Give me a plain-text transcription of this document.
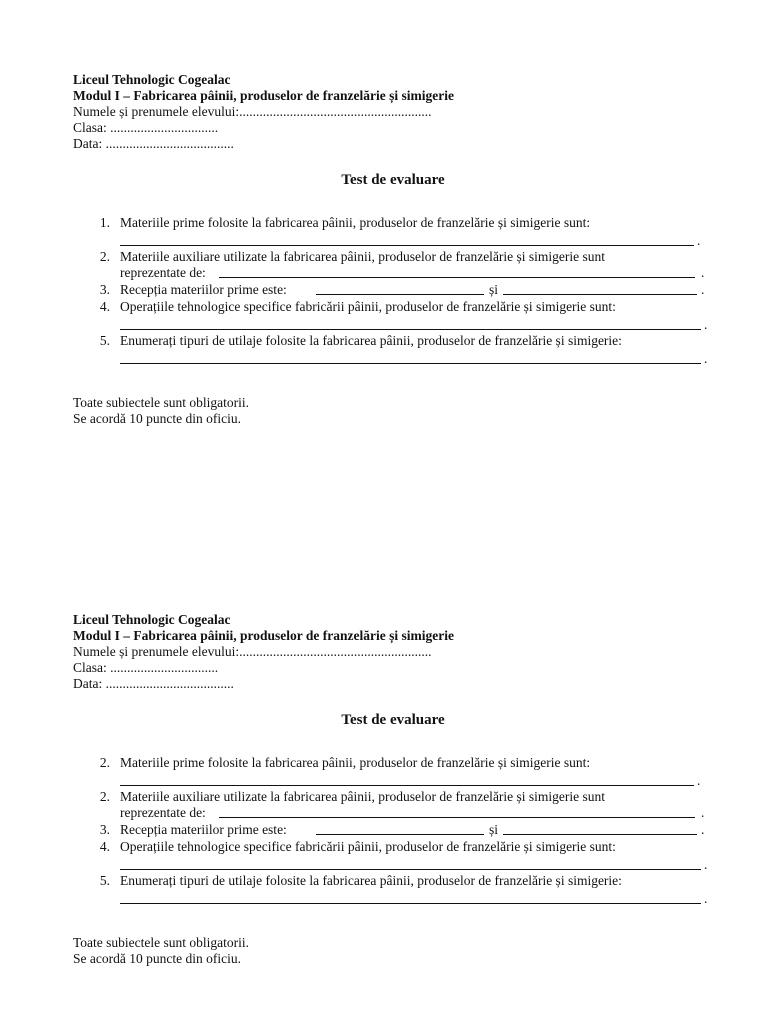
Liceul Tehnologic Cogealac
Modul I – Fabricarea pâinii, produselor de franzelărie și simigerie
Numele și prenumele elevului:.........................................................
Clasa: ................................
Data: ......................................
Test de evaluare
1. Materiile prime folosite la fabricarea pâinii, produselor de franzelărie și simigerie sunt:
.
2. Materiile auxiliare utilizate la fabricarea pâinii, produselor de franzelărie și simigerie sunt
reprezentate de:	.
3. Recepția materiilor prime este:	și	.
4. Operațiile tehnologice specifice fabricării pâinii, produselor de franzelărie și simigerie sunt:
.
5. Enumerați tipuri de utilaje folosite la fabricarea pâinii, produselor de franzelărie și simigerie:
.
Toate subiectele sunt obligatorii.
Se acordă 10 puncte din oficiu.
Liceul Tehnologic Cogealac
Modul I – Fabricarea pâinii, produselor de franzelărie și simigerie
Numele și prenumele elevului:.........................................................
Clasa: ................................
Data: ......................................
Test de evaluare
2. Materiile prime folosite la fabricarea pâinii, produselor de franzelărie și simigerie sunt:
.
2. Materiile auxiliare utilizate la fabricarea pâinii, produselor de franzelărie și simigerie sunt
reprezentate de:	.
3. Recepția materiilor prime este:	și	.
4. Operațiile tehnologice specifice fabricării pâinii, produselor de franzelărie și simigerie sunt:
.
5. Enumerați tipuri de utilaje folosite la fabricarea pâinii, produselor de franzelărie și simigerie:
.
Toate subiectele sunt obligatorii.
Se acordă 10 puncte din oficiu.
